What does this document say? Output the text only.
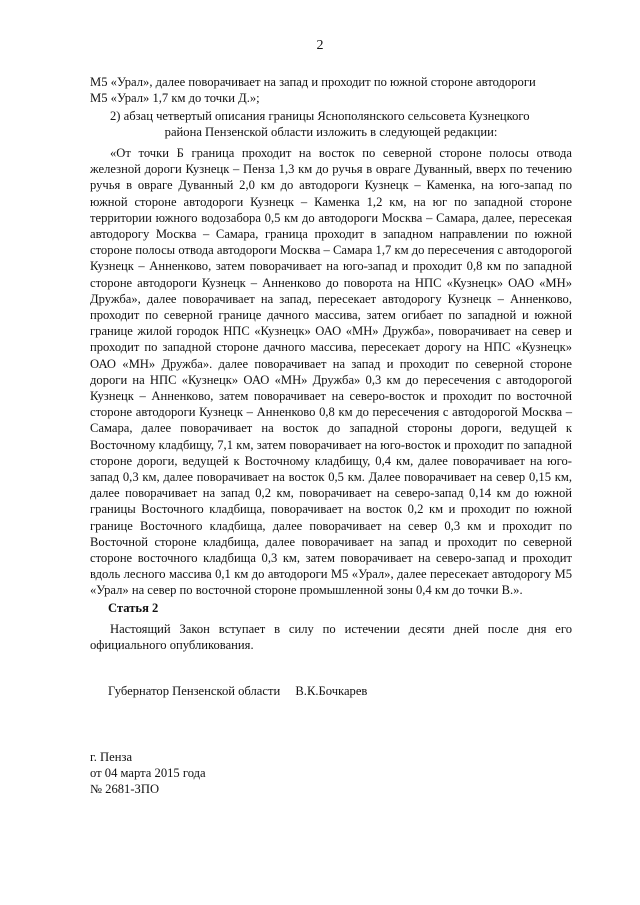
2

М5 «Урал», далее поворачивает на запад и проходит по южной стороне автодороги

М5 «Урал» 1,7 км до точки Д.»;

2) абзац четвертый описания границы Яснополянского сельсовета Кузнецкого

района Пензенской области изложить в следующей редакции:

«От точки Б граница проходит на восток по северной стороне полосы отвода железной дороги Кузнецк – Пенза 1,3 км до ручья в овраге Дуванный, вверх по течению ручья в овраге Дуванный 2,0 км до автодороги Кузнецк – Каменка, на юго-запад по южной стороне автодороги Кузнецк – Каменка 1,2 км, на юг по западной стороне территории южного водозабора 0,5 км до автодороги Москва – Самара, далее, пересекая автодорогу Москва – Самара, граница проходит в западном направлении по южной стороне полосы отвода автодороги Москва – Самара 1,7 км до пересечения с автодорогой Кузнецк – Анненково, затем поворачивает на юго-запад и проходит 0,8 км по западной стороне автодороги Кузнецк – Анненково до поворота на НПС «Кузнецк» ОАО «МН» Дружба», далее поворачивает на запад, пересекает автодорогу Кузнецк – Анненково, проходит по северной границе дачного массива, затем огибает по западной и южной границе жилой городок НПС «Кузнецк» ОАО «МН» Дружба», поворачивает на север и проходит по западной стороне дачного массива, пересекает дорогу на НПС «Кузнецк» ОАО «МН» Дружба». далее поворачивает на запад и проходит по северной стороне дороги на НПС «Кузнецк» ОАО «МН» Дружба» 0,3 км до пересечения с автодорогой Кузнецк – Анненково, затем поворачивает на северо-восток и проходит по восточной стороне автодороги Кузнецк – Анненково 0,8 км до пересечения с автодорогой Москва – Самара, далее поворачивает на восток до западной стороны дороги, ведущей к Восточному кладбищу, 7,1 км, затем поворачивает на юго-восток и проходит по западной стороне дороги, ведущей к Восточному кладбищу, 0,4 км, далее поворачивает на юго-запад 0,3 км, далее поворачивает на восток 0,5 км. Далее поворачивает на север 0,15 км, далее поворачивает на запад 0,2 км, поворачивает на северо-запад 0,14 км до южной границы Восточного кладбища, поворачивает на восток 0,2 км и проходит по южной границе Восточного кладбища, далее поворачивает на север 0,3 км и проходит по Восточной стороне кладбища, далее поворачивает на запад и проходит по северной стороне восточного кладбища 0,3 км, затем поворачивает на северо-запад и проходит вдоль лесного массива 0,1 км до автодороги М5 «Урал», далее пересекает автодорогу М5 «Урал» на север по восточной стороне промышленной зоны 0,4 км до точки В.».

Статья 2

Настоящий Закон вступает в силу по истечении десяти дней после дня его официального опубликования.

Губернатор Пензенской области В.К.Бочкарев
г. Пенза
от 04 марта 2015 года
№ 2681-ЗПО
